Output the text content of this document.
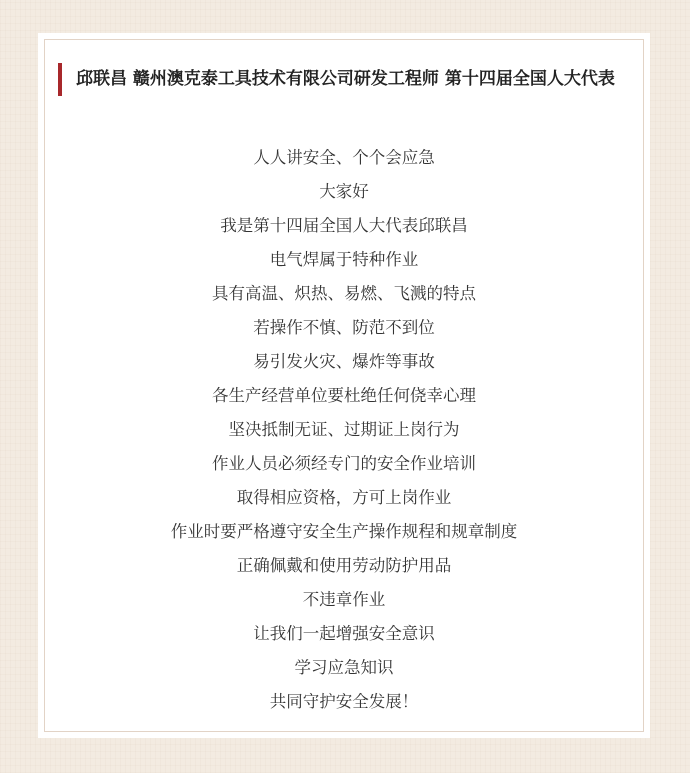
邱联昌 赣州澳克泰工具技术有限公司研发工程师 第十四届全国人大代表
人人讲安全、个个会应急
大家好
我是第十四届全国人大代表邱联昌
电气焊属于特种作业
具有高温、炽热、易燃、飞溅的特点
若操作不慎、防范不到位
易引发火灾、爆炸等事故
各生产经营单位要杜绝任何侥幸心理
坚决抵制无证、过期证上岗行为
作业人员必须经专门的安全作业培训
取得相应资格，方可上岗作业
作业时要严格遵守安全生产操作规程和规章制度
正确佩戴和使用劳动防护用品
不违章作业
让我们一起增强安全意识
学习应急知识
共同守护安全发展！
